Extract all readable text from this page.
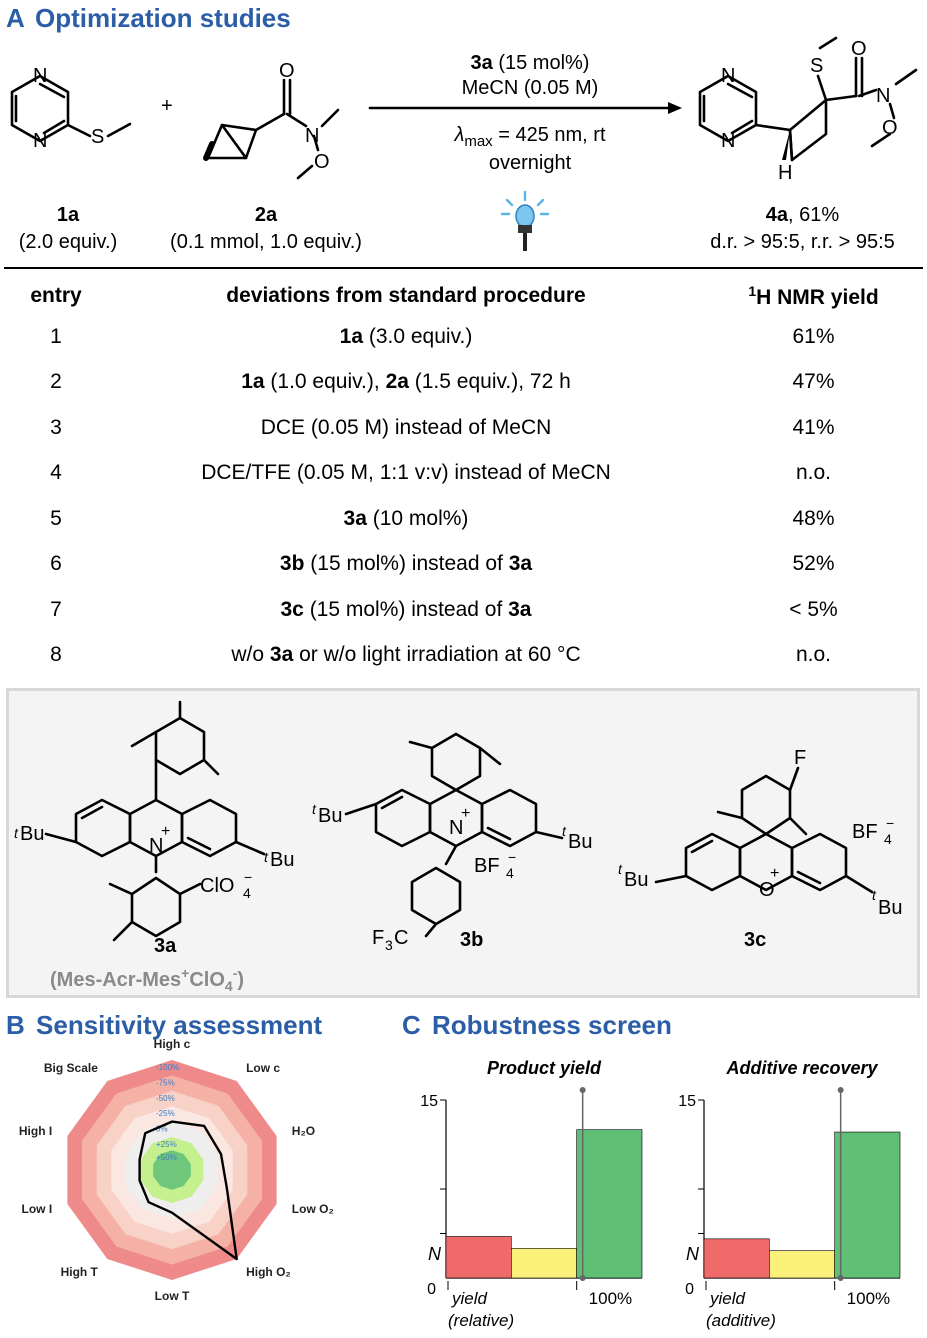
A Optimization studies
N
N S
+
O
N
O
N
N
S
O
N
O
H
1a
(2.0 equiv.)
2a
(0.1 mmol, 1.0 equiv.)
3a (15 mol%)
MeCN (0.05 M)
$\lambda_{max} = 425$ nm, rt
overnight
4a, 61%
d.r. > 95:5, r.r. > 95:5
entry	deviations from standard procedure	$^1$H NMR yield
1	1a (3.0 equiv.)	61%
2	1a (1.0 equiv.), 2a (1.5 equiv.), 72 h	47%
3	DCE (0.05 M) instead of MeCN	41%
4	DCE/TFE (0.05 M, 1:1 v:v) instead of MeCN	n.o.
5	3a (10 mol%)	48%
6	3b (15 mol%) instead of 3a	52%
7	3c (15 mol%) instead of 3a	< 5%
8	w/o 3a or w/o light irradiation at 60 °C	n.o.
t Bu
t Bu
N
+
ClO 4
−
3a
t Bu
t Bu
N
+
BF 4
−
F 3 C	3b
t Bu
t
Bu
O
+
F
BF 4
−
3c
(Mes-Acr-Mes+ClO$_4$-)
B Sensitivity assessment
-100%
-75%
-50%
-25%
0%
+25%
+50%
High c
Low c
H₂O
Low O₂
High O₂
Low T
High T
Low I
High I
Big Scale
C Robustness screen
Product yield
15
0
N
yield
(relative)
100%
Additive recovery
15
0
N
yield
(additive)
100%
